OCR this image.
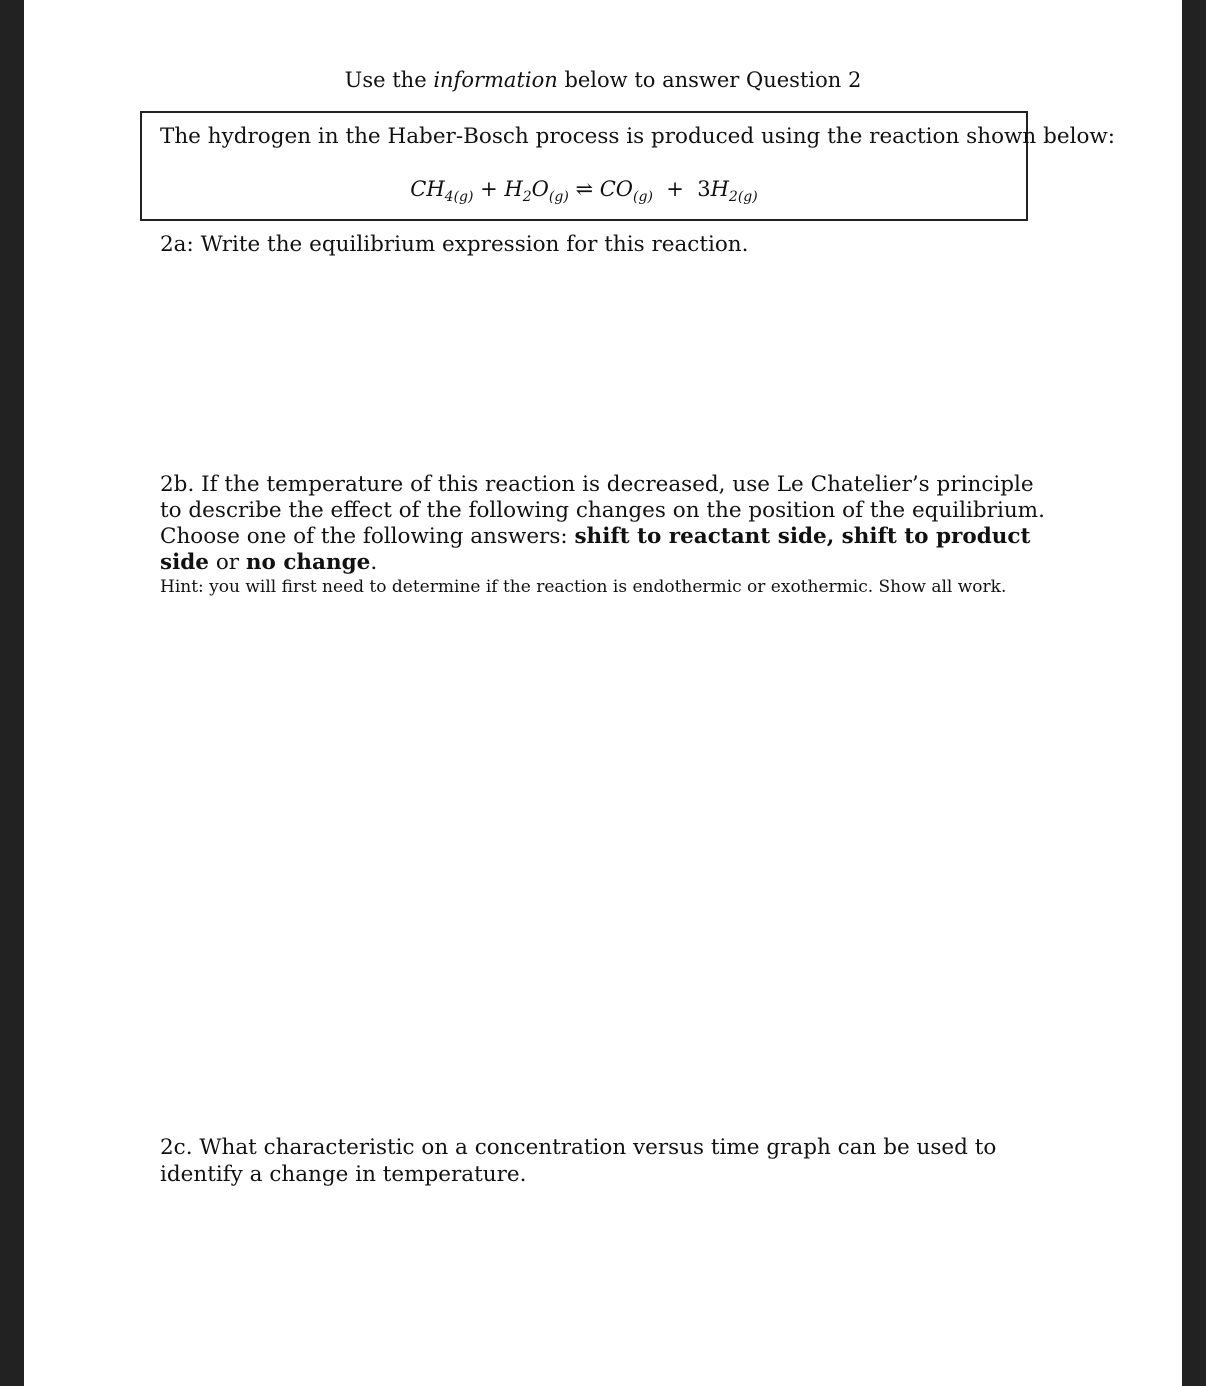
Use the information below to answer Question 2
The hydrogen in the Haber-Bosch process is produced using the reaction shown below:
$CH_{4(g)} + H_2O_{(g)}$ ⇌ $CO_{(g)} + 3H_{2(g)}$
2a: Write the equilibrium expression for this reaction.
2b. If the temperature of this reaction is decreased, use Le Chatelier’s principle to describe the effect of the following changes on the position of the equilibrium. Choose one of the following answers: shift to reactant side, shift to product side or no change.
Hint: you will first need to determine if the reaction is endothermic or exothermic. Show all work.
2c. What characteristic on a concentration versus time graph can be used to identify a change in temperature.
